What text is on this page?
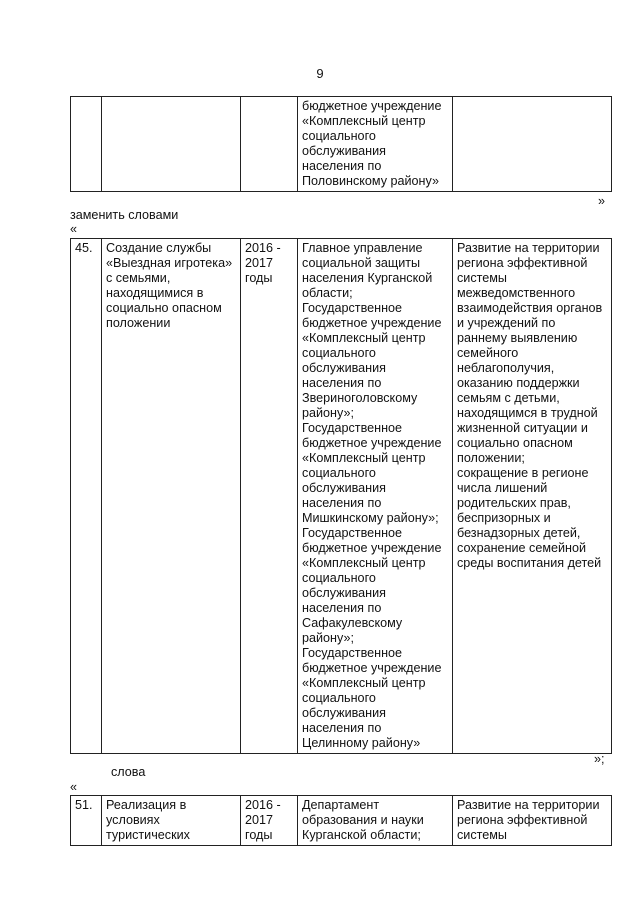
9
			бюджетное учреждение
«Комплексный центр
социального
обслуживания
населения по
Половинскому району»	
»
заменить словами
«
45.	Создание службы
«Выездная игротека»
с семьями,
находящимися в
социально опасном
положении	2016 -
2017
годы	Главное управление
социальной защиты
населения Курганской
области;
Государственное
бюджетное учреждение
«Комплексный центр
социального
обслуживания
населения по
Звериноголовскому
району»;
Государственное
бюджетное учреждение
«Комплексный центр
социального
обслуживания
населения по
Мишкинскому району»;
Государственное
бюджетное учреждение
«Комплексный центр
социального
обслуживания
населения по
Сафакулевскому
району»;
Государственное
бюджетное учреждение
«Комплексный центр
социального
обслуживания
населения по
Целинному району»	Развитие на территории
региона эффективной
системы
межведомственного
взаимодействия органов
и учреждений по
раннему выявлению
семейного
неблагополучия,
оказанию поддержки
семьям с детьми,
находящимся в трудной
жизненной ситуации и
социально опасном
положении;
сокращение в регионе
числа лишений
родительских прав,
беспризорных и
безнадзорных детей,
сохранение семейной
среды воспитания детей
»;
слова
«
51.	Реализация в
условиях
туристических	2016 -
2017
годы	Департамент
образования и науки
Курганской области;	Развитие на территории
региона эффективной
системы
